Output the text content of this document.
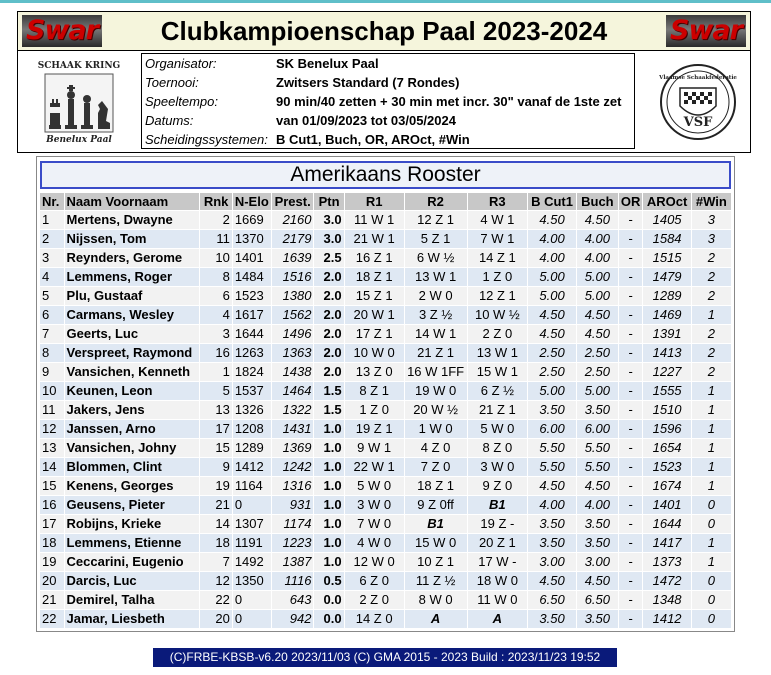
Swar	Clubkampioenschap Paal 2023-2024	Swar
SCHAAK KRING
Benelux Paal
Organisator:	SK Benelux Paal
Toernooi:	Zwitsers Standard (7 Rondes)
Speeltempo:	90 min/40 zetten + 30 min met incr. 30" vanaf de 1ste zet
Datums:	van 01/09/2023 tot 03/05/2024
Scheidingssystemen: B Cut1, Buch, OR, AROct, #Win
Vlaamse Schaakfederatie
VSF
Amerikaans Rooster
Nr.	Naam Voornaam	Rnk	N-Elo	Prest.	Ptn	R1	R2	R3	B Cut1	Buch	OR	AROct	#Win
1	Mertens, Dwayne	2	1669	2160	3.0	11 W 1	12 Z 1	4 W 1	4.50	4.50	-	1405	3
2	Nijssen, Tom	11	1370	2179	3.0	21 W 1	5 Z 1	7 W 1	4.00	4.00	-	1584	3
3	Reynders, Gerome	10	1401	1639	2.5	16 Z 1	6 W ½	14 Z 1	4.00	4.00	-	1515	2
4	Lemmens, Roger	8	1484	1516	2.0	18 Z 1	13 W 1	1 Z 0	5.00	5.00	-	1479	2
5	Plu, Gustaaf	6	1523	1380	2.0	15 Z 1	2 W 0	12 Z 1	5.00	5.00	-	1289	2
6	Carmans, Wesley	4	1617	1562	2.0	20 W 1	3 Z ½	10 W ½	4.50	4.50	-	1469	1
7	Geerts, Luc	3	1644	1496	2.0	17 Z 1	14 W 1	2 Z 0	4.50	4.50	-	1391	2
8	Verspreet, Raymond	16	1263	1363	2.0	10 W 0	21 Z 1	13 W 1	2.50	2.50	-	1413	2
9	Vansichen, Kenneth	1	1824	1438	2.0	13 Z 0	16 W 1FF	15 W 1	2.50	2.50	-	1227	2
10	Keunen, Leon	5	1537	1464	1.5	8 Z 1	19 W 0	6 Z ½	5.00	5.00	-	1555	1
11	Jakers, Jens	13	1326	1322	1.5	1 Z 0	20 W ½	21 Z 1	3.50	3.50	-	1510	1
12	Janssen, Arno	17	1208	1431	1.0	19 Z 1	1 W 0	5 W 0	6.00	6.00	-	1596	1
13	Vansichen, Johny	15	1289	1369	1.0	9 W 1	4 Z 0	8 Z 0	5.50	5.50	-	1654	1
14	Blommen, Clint	9	1412	1242	1.0	22 W 1	7 Z 0	3 W 0	5.50	5.50	-	1523	1
15	Kenens, Georges	19	1164	1316	1.0	5 W 0	18 Z 1	9 Z 0	4.50	4.50	-	1674	1
16	Geusens, Pieter	21	0	931	1.0	3 W 0	9 Z 0ff	B1	4.00	4.00	-	1401	0
17	Robijns, Krieke	14	1307	1174	1.0	7 W 0	B1	19 Z -	3.50	3.50	-	1644	0
18	Lemmens, Etienne	18	1191	1223	1.0	4 W 0	15 W 0	20 Z 1	3.50	3.50	-	1417	1
19	Ceccarini, Eugenio	7	1492	1387	1.0	12 W 0	10 Z 1	17 W -	3.00	3.00	-	1373	1
20	Darcis, Luc	12	1350	1116	0.5	6 Z 0	11 Z ½	18 W 0	4.50	4.50	-	1472	0
21	Demirel, Talha	22	0	643	0.0	2 Z 0	8 W 0	11 W 0	6.50	6.50	-	1348	0
22	Jamar, Liesbeth	20	0	942	0.0	14 Z 0	A	A	3.50	3.50	-	1412	0
(C)FRBE-KBSB-v6.20 2023/11/03 (C) GMA 2015 - 2023 Build : 2023/11/23 19:52
